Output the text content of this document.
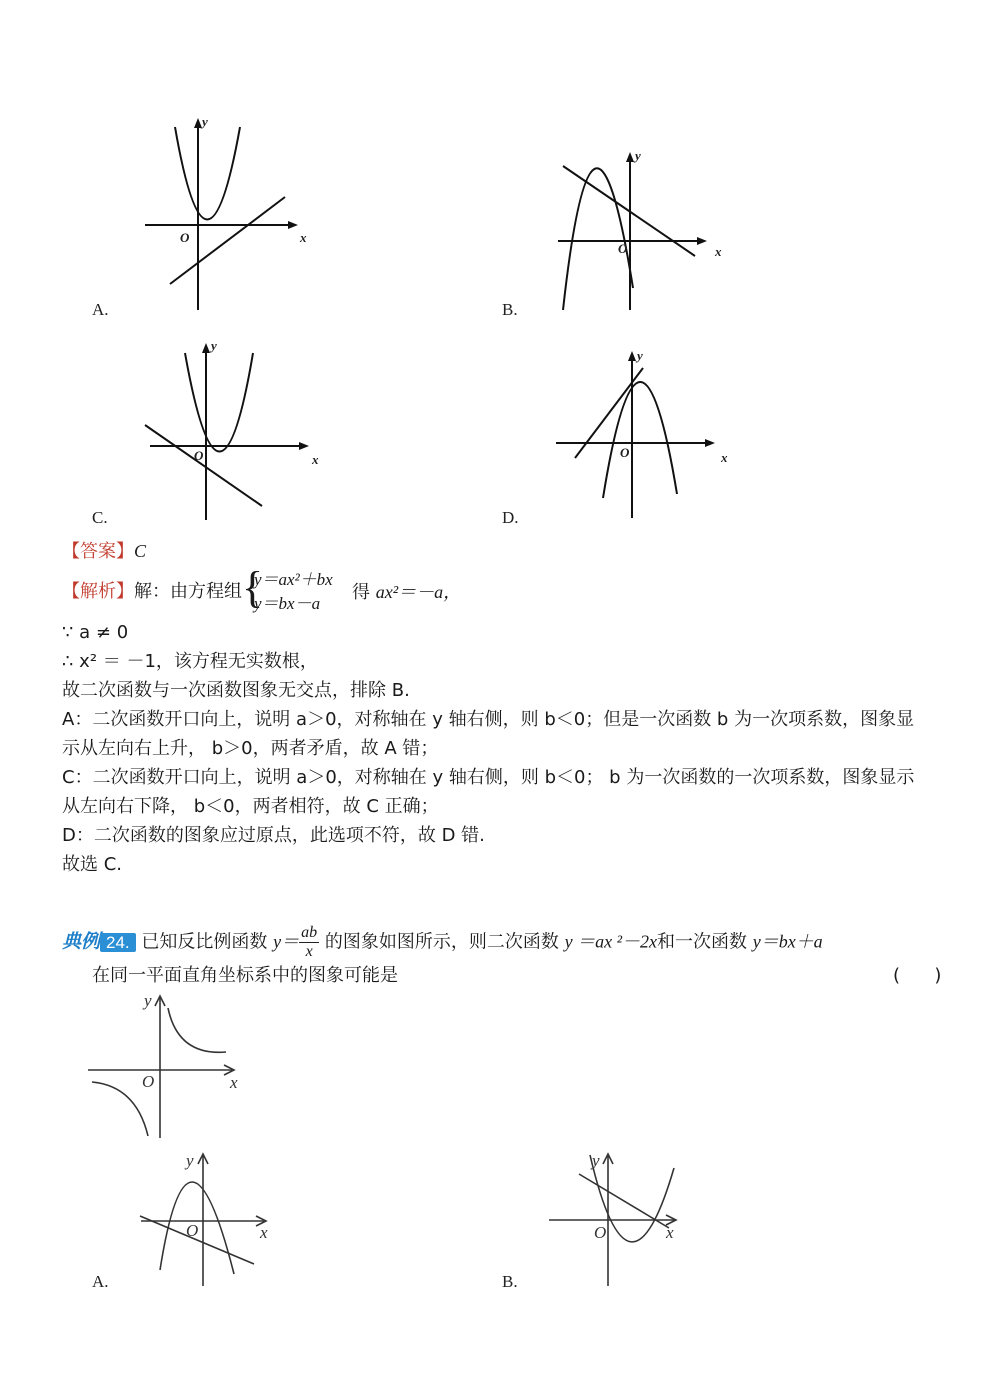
y
x
O
A.
y
x
O
B.
y
x
O
C.
y
x
O
D.
【答案】C
【解析】解：由方程组 {
y＝ax²＋bx
y＝bx－a
得 ax²＝－a，
∵ a ≠ 0
∴ x² ＝ －1，该方程无实数根，
故二次函数与一次函数图象无交点，排除 B.
A：二次函数开口向上，说明 a＞0，对称轴在 y 轴右侧，则 b＜0；但是一次函数 b 为一次项系数，图象显
示从左向右上升， b＞0，两者矛盾，故 A 错；
C：二次函数开口向上，说明 a＞0，对称轴在 y 轴右侧，则 b＜0； b 为一次函数的一次项系数，图象显示
从左向右下降， b＜0，两者相符，故 C 正确；
D：二次函数的图象应过原点，此选项不符，故 D 错.
故选 C.
典例 24. 已知反比例函数 $y= \frac{ab}{x}$ 的图象如图所示，则二次函数 y ＝ax ²－2x和一次函数 y＝bx＋a
在同一平面直角坐标系中的图象可能是	(      )
y
x
O
y
x
O
A.
y
x
O
B.
